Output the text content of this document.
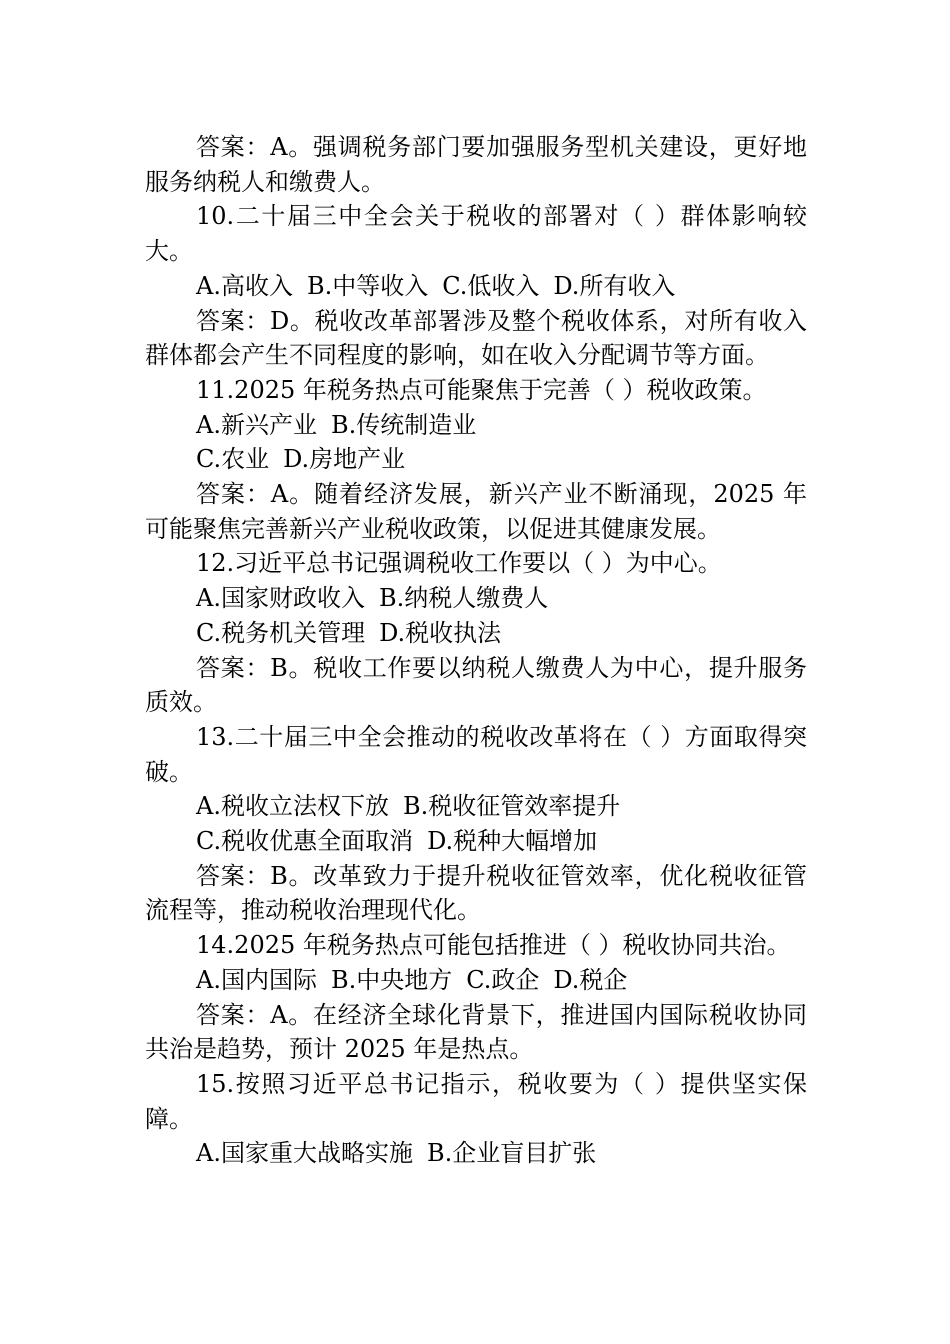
答案：A。强调税务部门要加强服务型机关建设，更好地服务纳税人和缴费人。

10.二十届三中全会关于税收的部署对（ ）群体影响较大。

A.高收入 B.中等收入 C.低收入 D.所有收入

答案：D。税收改革部署涉及整个税收体系，对所有收入群体都会产生不同程度的影响，如在收入分配调节等方面。

11.2025 年税务热点可能聚焦于完善（ ）税收政策。

A.新兴产业 B.传统制造业

C.农业 D.房地产业

答案：A。随着经济发展，新兴产业不断涌现，2025 年可能聚焦完善新兴产业税收政策，以促进其健康发展。

12.习近平总书记强调税收工作要以（ ）为中心。

A.国家财政收入 B.纳税人缴费人

C.税务机关管理 D.税收执法

答案：B。税收工作要以纳税人缴费人为中心，提升服务质效。

13.二十届三中全会推动的税收改革将在（ ）方面取得突破。

A.税收立法权下放 B.税收征管效率提升

C.税收优惠全面取消 D.税种大幅增加

答案：B。改革致力于提升税收征管效率，优化税收征管流程等，推动税收治理现代化。

14.2025 年税务热点可能包括推进（ ）税收协同共治。

A.国内国际 B.中央地方 C.政企 D.税企

答案：A。在经济全球化背景下，推进国内国际税收协同共治是趋势，预计 2025 年是热点。

15.按照习近平总书记指示，税收要为（ ）提供坚实保障。

A.国家重大战略实施 B.企业盲目扩张
